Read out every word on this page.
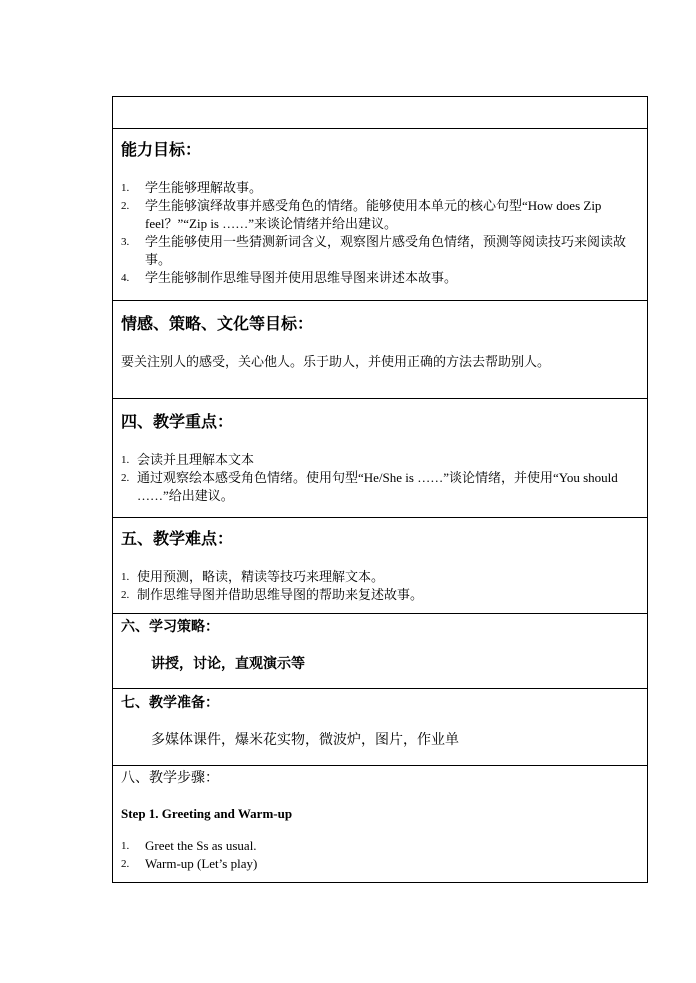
能力目标：
1.	学生能够理解故事。
2.	学生能够演绎故事并感受角色的情绪。能够使用本单元的核心句型“How does Zip feel？”“Zip is ……”来谈论情绪并给出建议。
3.	学生能够使用一些猜测新词含义，观察图片感受角色情绪，预测等阅读技巧来阅读故事。
4.	学生能够制作思维导图并使用思维导图来讲述本故事。
情感、策略、文化等目标：
要关注别人的感受，关心他人。乐于助人，并使用正确的方法去帮助别人。
四、教学重点：
1. 会读并且理解本文本
2. 通过观察绘本感受角色情绪。使用句型“He/She is ……”谈论情绪，并使用“You should ……”给出建议。
五、教学难点：
1. 使用预测，略读，精读等技巧来理解文本。
2. 制作思维导图并借助思维导图的帮助来复述故事。
六、学习策略：
讲授，讨论，直观演示等
七、教学准备：
多媒体课件，爆米花实物，微波炉，图片，作业单
八、教学步骤：
Step 1. Greeting and Warm-up
1.	Greet the Ss as usual.
2.	Warm-up (Let’s play)
